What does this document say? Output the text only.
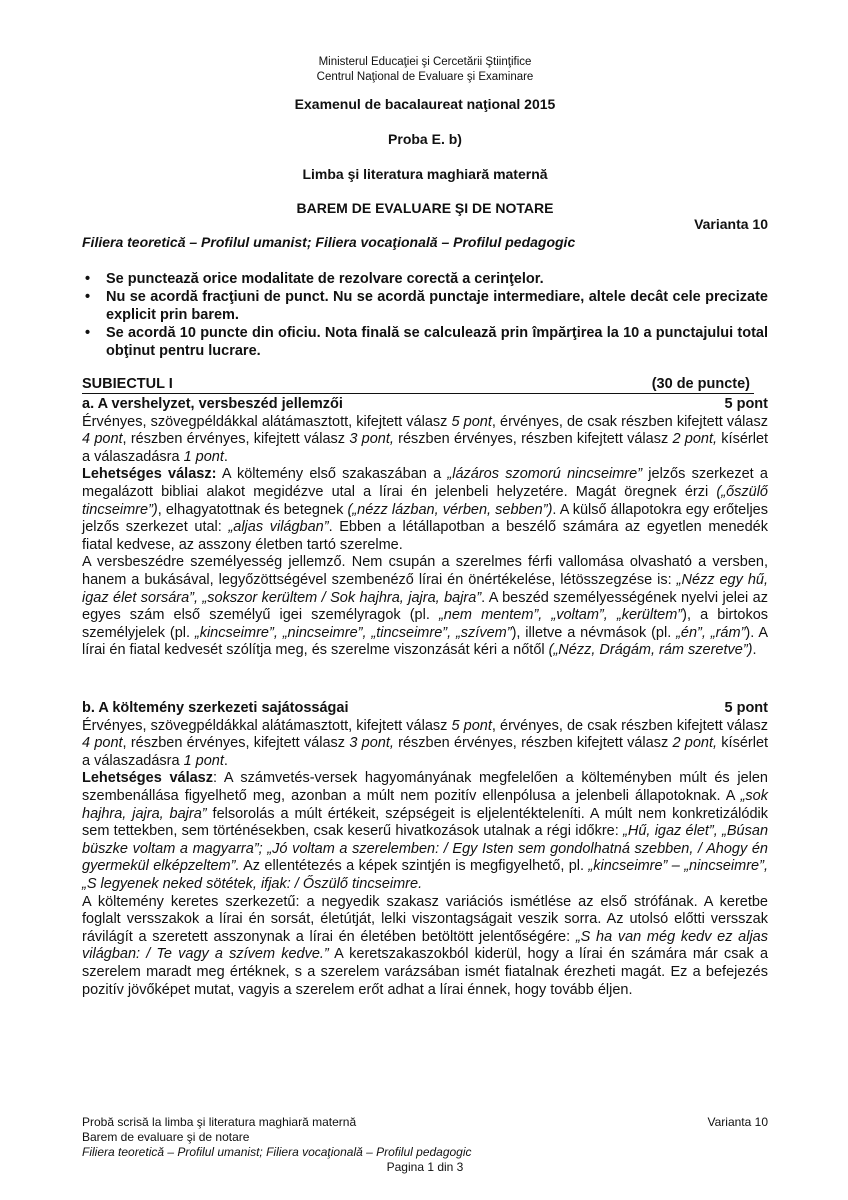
Ministerul Educaţiei şi Cercetării Ştiinţifice
Centrul Naţional de Evaluare şi Examinare
Examenul de bacalaureat naţional 2015
Proba E. b)
Limba şi literatura maghiară maternă
BAREM DE EVALUARE ŞI DE NOTARE
Varianta 10
Filiera teoretică – Profilul umanist; Filiera vocaţională – Profilul pedagogic
• Se punctează orice modalitate de rezolvare corectă a cerinţelor.
• Nu se acordă fracţiuni de punct. Nu se acordă punctaje intermediare, altele decât cele precizate explicit prin barem.
• Se acordă 10 puncte din oficiu. Nota finală se calculează prin împărţirea la 10 a punctajului total obţinut pentru lucrare.
SUBIECTUL I	(30 de puncte)
a. A vershelyzet, versbeszéd jellemzői	5 pont

Érvényes, szövegpéldákkal alátámasztott, kifejtett válasz 5 pont, érvényes, de csak részben kifejtett válasz 4 pont, részben érvényes, kifejtett válasz 3 pont, részben érvényes, részben kifejtett válasz 2 pont, kísérlet a válaszadásra 1 pont.

Lehetséges válasz: A költemény első szakaszában a „lázáros szomorú nincseimre” jelzős szerkezet a megalázott bibliai alakot megidézve utal a lírai én jelenbeli helyzetére. Magát öregnek érzi („őszülő tincseimre”), elhagyatottnak és betegnek („nézz lázban, vérben, sebben”). A külső állapotokra egy erőteljes jelzős szerkezet utal: „aljas világban”. Ebben a létállapotban a beszélő számára az egyetlen menedék fiatal kedvese, az asszony életben tartó szerelme.

A versbeszédre személyesség jellemző. Nem csupán a szerelmes férfi vallomása olvasható a versben, hanem a bukásával, legyőzöttségével szembenéző lírai én önértékelése, létösszegzése is: „Nézz egy hű, igaz élet sorsára”, „sokszor kerültem / Sok hajhra, jajra, bajra”. A beszéd személyességének nyelvi jelei az egyes szám első személyű igei személyragok (pl. „nem mentem”, „voltam”, „kerültem”), a birtokos személyjelek (pl. „kincseimre”, „nincseimre”, „tincseimre”, „szívem”), illetve a névmások (pl. „én”, „rám”). A lírai én fiatal kedvesét szólítja meg, és szerelme viszonzását kéri a nőtől („Nézz, Drágám, rám szeretve”).

b. A költemény szerkezeti sajátosságai	5 pont

Érvényes, szövegpéldákkal alátámasztott, kifejtett válasz 5 pont, érvényes, de csak részben kifejtett válasz 4 pont, részben érvényes, kifejtett válasz 3 pont, részben érvényes, részben kifejtett válasz 2 pont, kísérlet a válaszadásra 1 pont.

Lehetséges válasz: A számvetés-versek hagyományának megfelelően a költeményben múlt és jelen szembenállása figyelhető meg, azonban a múlt nem pozitív ellenpólusa a jelenbeli állapotoknak. A „sok hajhra, jajra, bajra” felsorolás a múlt értékeit, szépségeit is eljelentékteleníti. A múlt nem konkretizálódik sem tettekben, sem történésekben, csak keserű hivatkozások utalnak a régi időkre: „Hű, igaz élet”, „Búsan büszke voltam a magyarra”; „Jó voltam a szerelemben: / Egy Isten sem gondolhatná szebben, / Ahogy én gyermekül elképzeltem”. Az ellentétezés a képek szintjén is megfigyelhető, pl. „kincseimre” – „nincseimre”, „S legyenek neked sötétek, ifjak: / Őszülő tincseimre.

A költemény keretes szerkezetű: a negyedik szakasz variációs ismétlése az első strófának. A keretbe foglalt versszakok a lírai én sorsát, életútját, lelki viszontagságait veszik sorra. Az utolsó előtti versszak rávilágít a szeretett asszonynak a lírai én életében betöltött jelentőségére: „S ha van még kedv ez aljas világban: / Te vagy a szívem kedve.” A keretszakaszokból kiderül, hogy a lírai én számára már csak a szerelem maradt meg értéknek, s a szerelem varázsában ismét fiatalnak érezheti magát. Ez a befejezés pozitív jövőképet mutat, vagyis a szerelem erőt adhat a lírai énnek, hogy tovább éljen.

Probă scrisă la limba şi literatura maghiară maternă	Varianta 10
Barem de evaluare şi de notare
Filiera teoretică – Profilul umanist; Filiera vocaţională – Profilul pedagogic
Pagina 1 din 3
